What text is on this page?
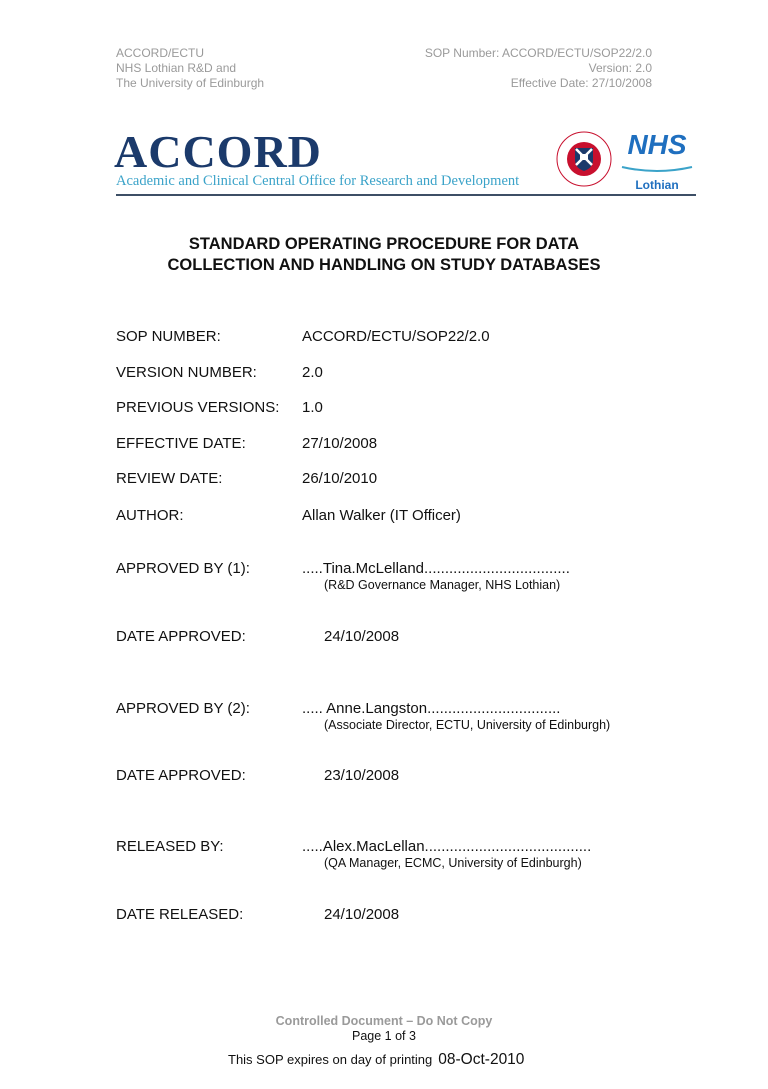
ACCORD/ECTU
NHS Lothian R&D and
The University of Edinburgh
SOP Number: ACCORD/ECTU/SOP22/2.0
Version: 2.0
Effective Date: 27/10/2008
ACCORD
Academic and Clinical Central Office for Research and Development
NHS
Lothian
STANDARD OPERATING PROCEDURE FOR DATA
COLLECTION AND HANDLING ON STUDY DATABASES
SOP NUMBER:	ACCORD/ECTU/SOP22/2.0
VERSION NUMBER:	2.0
PREVIOUS VERSIONS: 1.0
EFFECTIVE DATE:	27/10/2008
REVIEW DATE:	26/10/2010
AUTHOR:	Allan Walker (IT Officer)
APPROVED BY (1):	.....Tina.McLelland...................................
(R&D Governance Manager, NHS Lothian)
DATE APPROVED:	24/10/2008
APPROVED BY (2):	..... Anne.Langston................................
(Associate Director, ECTU, University of Edinburgh)
DATE APPROVED:	23/10/2008
RELEASED BY:	.....Alex.MacLellan........................................
(QA Manager, ECMC, University of Edinburgh)
DATE RELEASED:	24/10/2008
Controlled Document – Do Not Copy
Page 1 of 3
This SOP expires on day of printing 08-Oct-2010
